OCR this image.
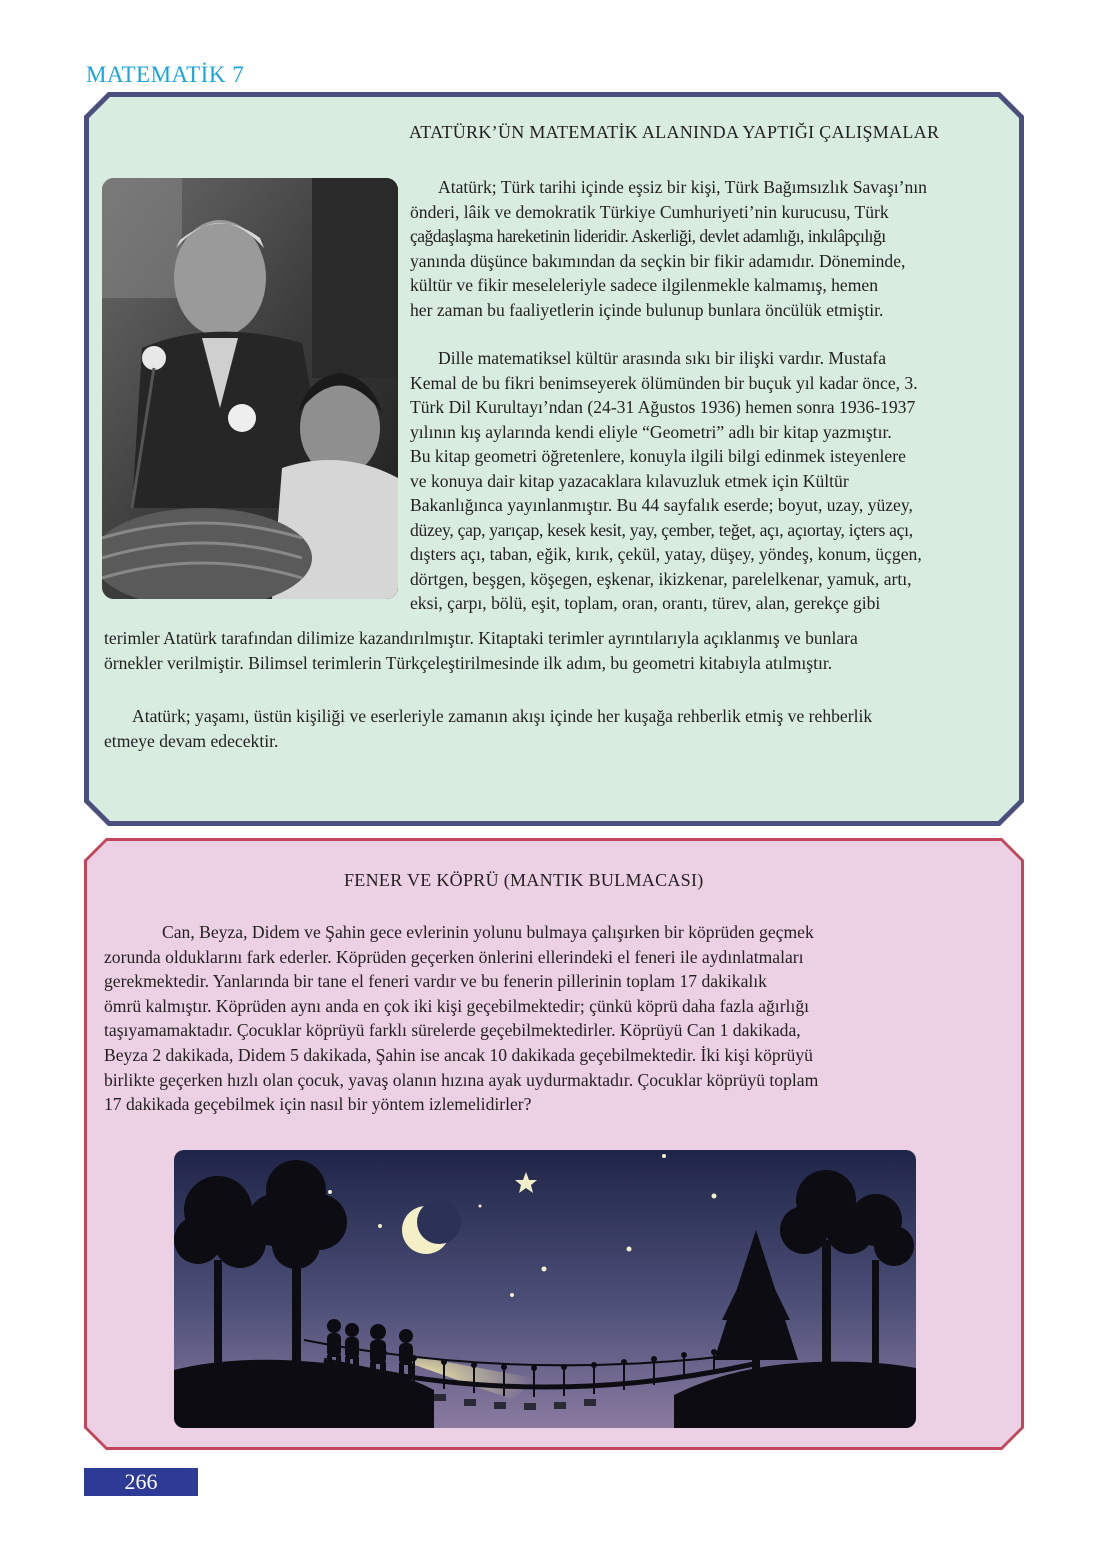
MATEMATİK 7
ATATÜRK’ÜN MATEMATİK ALANINDA YAPTIĞI ÇALIŞMALAR
Atatürk; Türk tarihi içinde eşsiz bir kişi, Türk Bağımsızlık Savaşı’nın
önderi, lâik ve demokratik Türkiye Cumhuriyeti’nin kurucusu, Türk
çağdaşlaşma hareketinin lideridir. Askerliği, devlet adamlığı, inkılâpçılığı
yanında düşünce bakımından da seçkin bir fikir adamıdır. Döneminde,
kültür ve fikir meseleleriyle sadece ilgilenmekle kalmamış, hemen
her zaman bu faaliyetlerin içinde bulunup bunlara öncülük etmiştir.
Dille matematiksel kültür arasında sıkı bir ilişki vardır. Mustafa
Kemal de bu fikri benimseyerek ölümünden bir buçuk yıl kadar önce, 3.
Türk Dil Kurultayı’ndan (24-31 Ağustos 1936) hemen sonra 1936-1937
yılının kış aylarında kendi eliyle “Geometri” adlı bir kitap yazmıştır.
Bu kitap geometri öğretenlere, konuyla ilgili bilgi edinmek isteyenlere
ve konuya dair kitap yazacaklara kılavuzluk etmek için Kültür
Bakanlığınca yayınlanmıştır. Bu 44 sayfalık eserde; boyut, uzay, yüzey,
düzey, çap, yarıçap, kesek kesit, yay, çember, teğet, açı, açıortay, içters açı,
dışters açı, taban, eğik, kırık, çekül, yatay, düşey, yöndeş, konum, üçgen,
dörtgen, beşgen, köşegen, eşkenar, ikizkenar, parelelkenar, yamuk, artı,
eksi, çarpı, bölü, eşit, toplam, oran, orantı, türev, alan, gerekçe gibi
terimler Atatürk tarafından dilimize kazandırılmıştır. Kitaptaki terimler ayrıntılarıyla açıklanmış ve bunlara
örnekler verilmiştir. Bilimsel terimlerin Türkçeleştirilmesinde ilk adım, bu geometri kitabıyla atılmıştır.
Atatürk; yaşamı, üstün kişiliği ve eserleriyle zamanın akışı içinde her kuşağa rehberlik etmiş ve rehberlik
etmeye devam edecektir.
FENER VE KÖPRÜ (MANTIK BULMACASI)
Can, Beyza, Didem ve Şahin gece evlerinin yolunu bulmaya çalışırken bir köprüden geçmek
zorunda olduklarını fark ederler. Köprüden geçerken önlerini ellerindeki el feneri ile aydınlatmaları
gerekmektedir. Yanlarında bir tane el feneri vardır ve bu fenerin pillerinin toplam 17 dakikalık
ömrü kalmıştır. Köprüden aynı anda en çok iki kişi geçebilmektedir; çünkü köprü daha fazla ağırlığı
taşıyamamaktadır. Çocuklar köprüyü farklı sürelerde geçebilmektedirler. Köprüyü Can 1 dakikada,
Beyza 2 dakikada, Didem 5 dakikada, Şahin ise ancak 10 dakikada geçebilmektedir. İki kişi köprüyü
birlikte geçerken hızlı olan çocuk, yavaş olanın hızına ayak uydurmaktadır. Çocuklar köprüyü toplam
17 dakikada geçebilmek için nasıl bir yöntem izlemelidirler?
266
